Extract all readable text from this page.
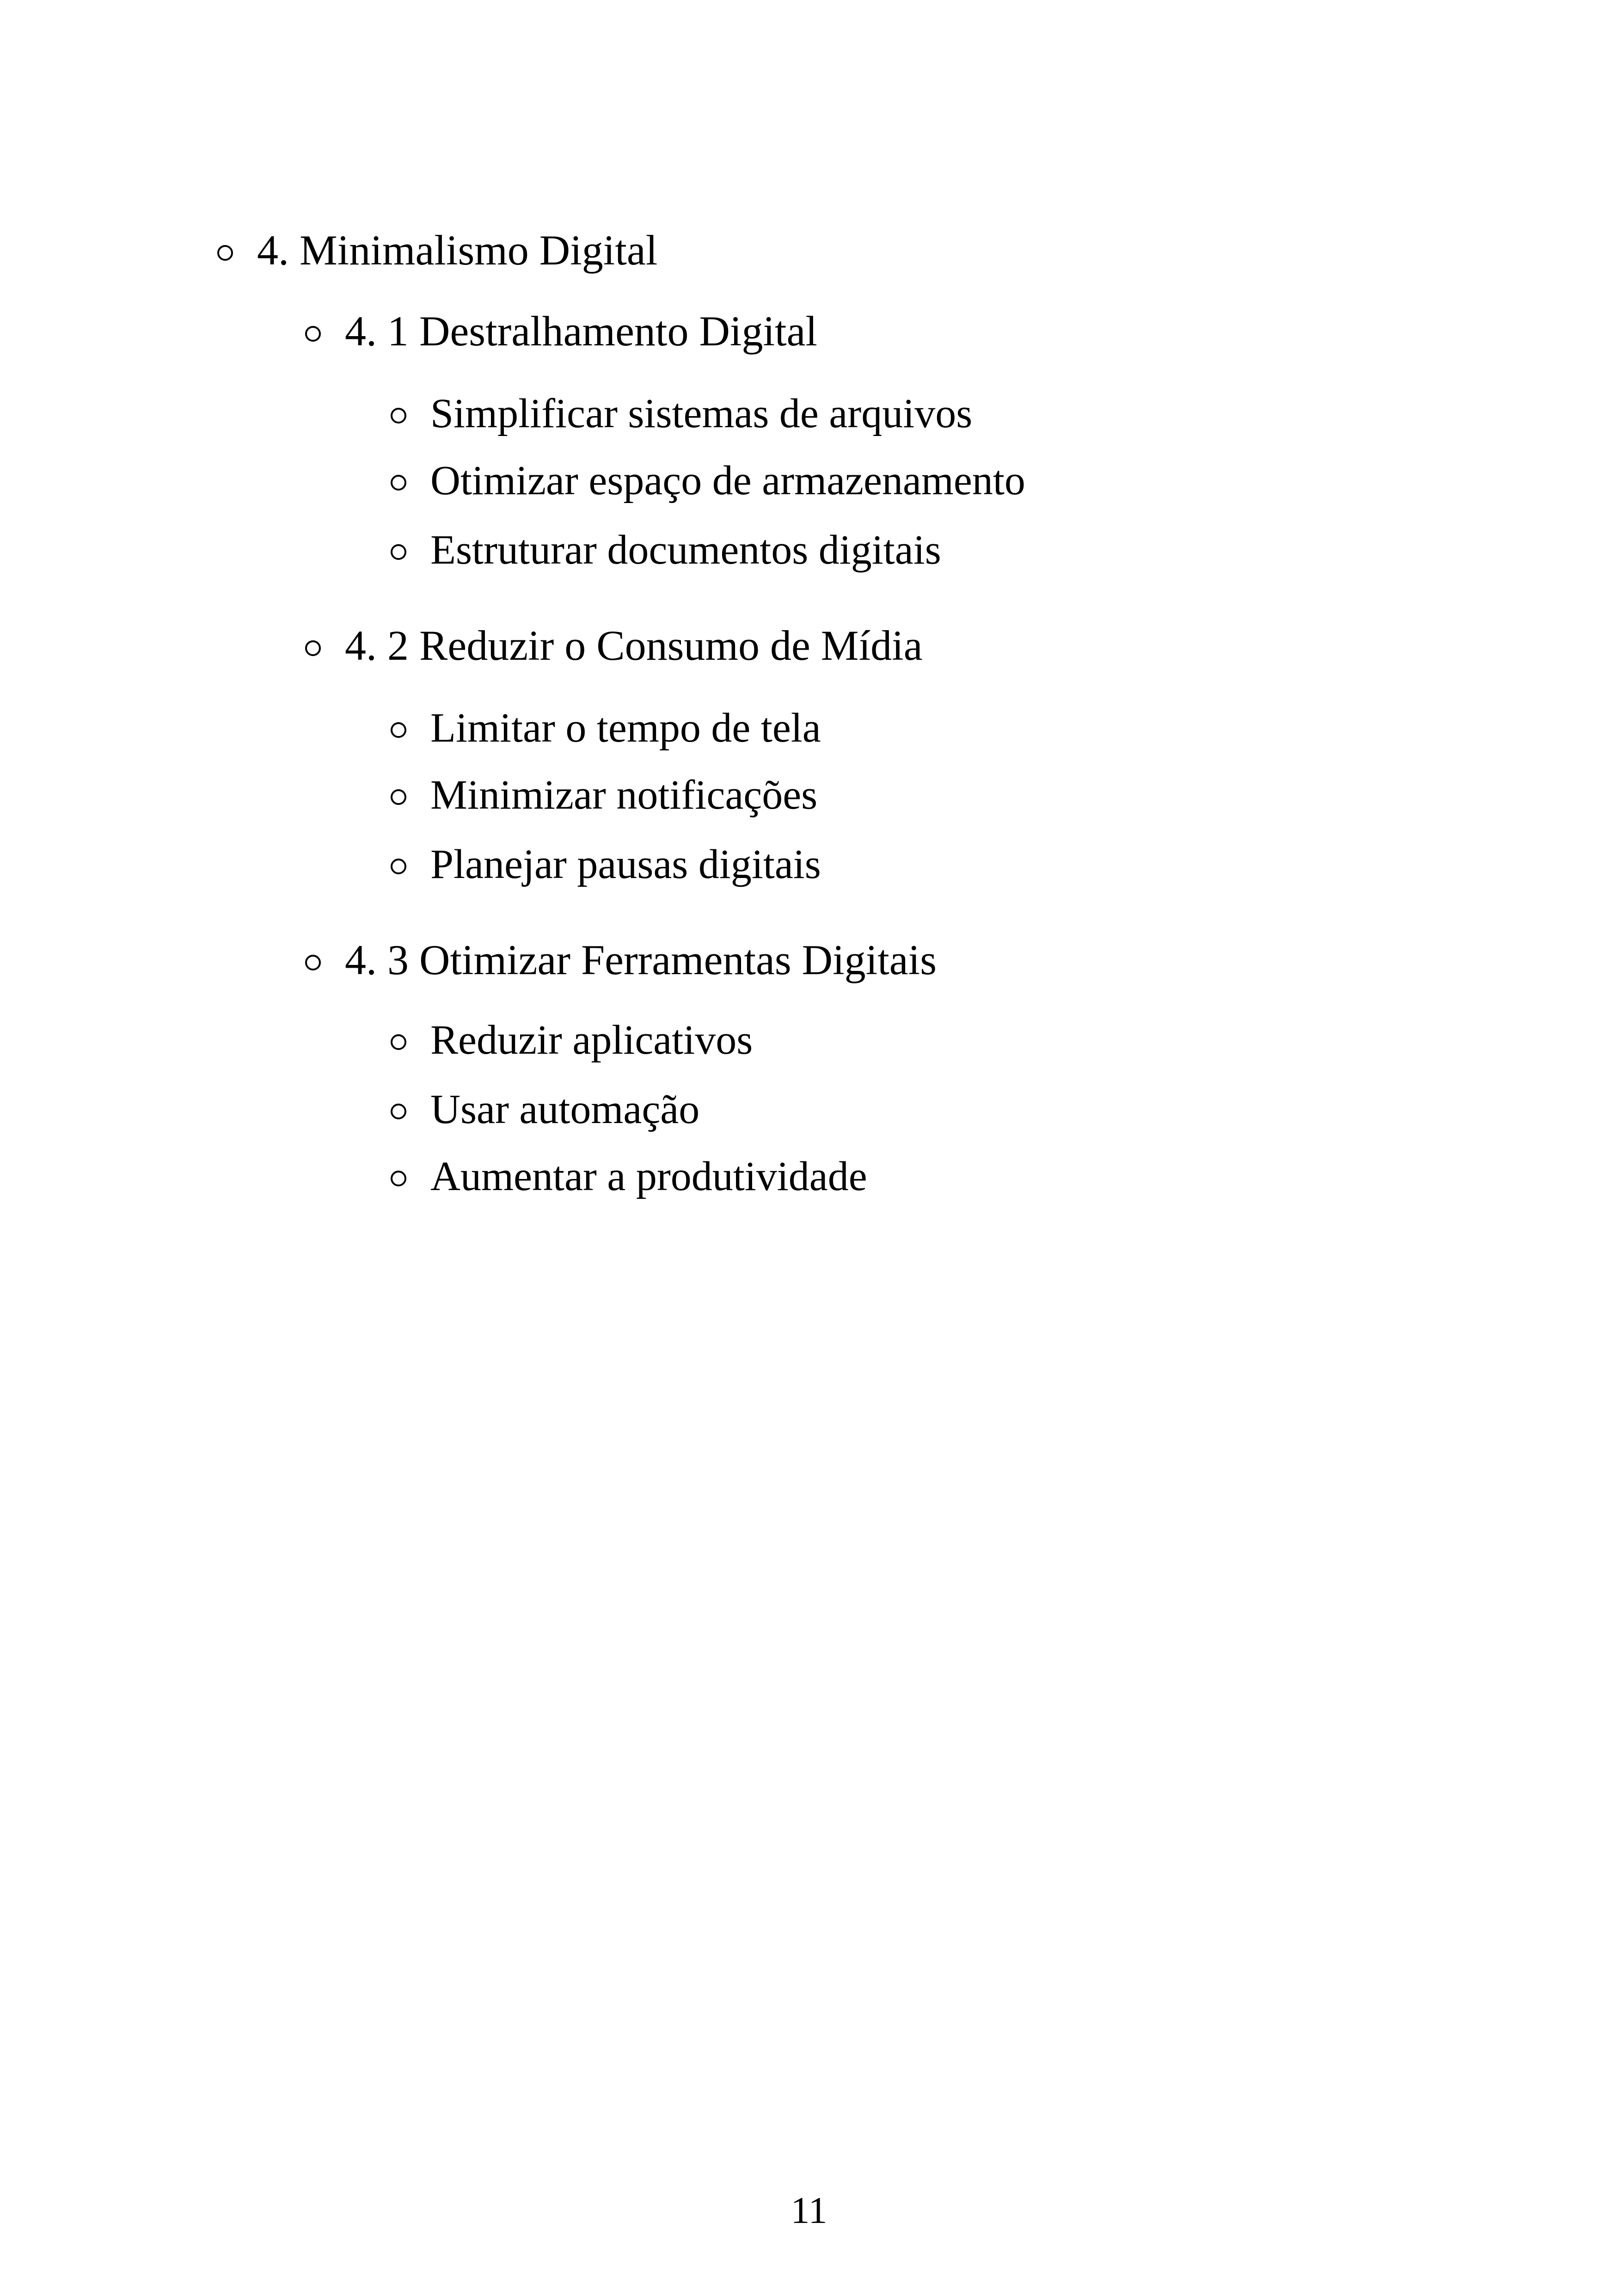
4. Minimalismo Digital
4. 1 Destralhamento Digital
Simplificar sistemas de arquivos
Otimizar espaço de armazenamento
Estruturar documentos digitais
4. 2 Reduzir o Consumo de Mídia
Limitar o tempo de tela
Minimizar notificações
Planejar pausas digitais
4. 3 Otimizar Ferramentas Digitais
Reduzir aplicativos
Usar automação
Aumentar a produtividade
11
